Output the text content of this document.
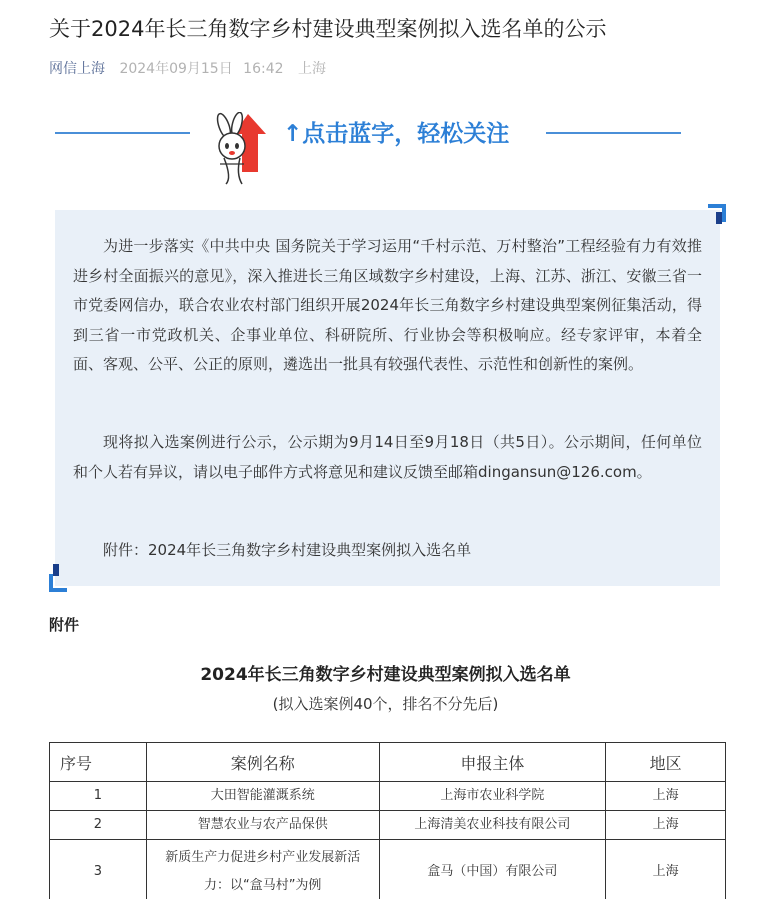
关于2024年长三角数字乡村建设典型案例拟入选名单的公示
网信上海 2024年09月15日 16:42 上海
↑点击蓝字，轻松关注

为进一步落实《中共中央 国务院关于学习运用“千村示范、万村整治”工程经验有力有效推进乡村全面振兴的意见》，深入推进长三角区域数字乡村建设，上海、江苏、浙江、安徽三省一市党委网信办，联合农业农村部门组织开展2024年长三角数字乡村建设典型案例征集活动，得到三省一市党政机关、企事业单位、科研院所、行业协会等积极响应。经专家评审，本着全面、客观、公平、公正的原则，遴选出一批具有较强代表性、示范性和创新性的案例。

现将拟入选案例进行公示，公示期为9月14日至9月18日（共5日）。公示期间，任何单位和个人若有异议，请以电子邮件方式将意见和建议反馈至邮箱dingansun@126.com。

附件：2024年长三角数字乡村建设典型案例拟入选名单

附件
2024年长三角数字乡村建设典型案例拟入选名单
(拟入选案例40个，排名不分先后)
序号	案例名称	申报主体	地区
1	大田智能灌溉系统	上海市农业科学院	上海
2	智慧农业与农产品保供	上海清美农业科技有限公司	上海
3	新质生产力促进乡村产业发展新活力：以“盒马村”为例	盒马（中国）有限公司	上海
